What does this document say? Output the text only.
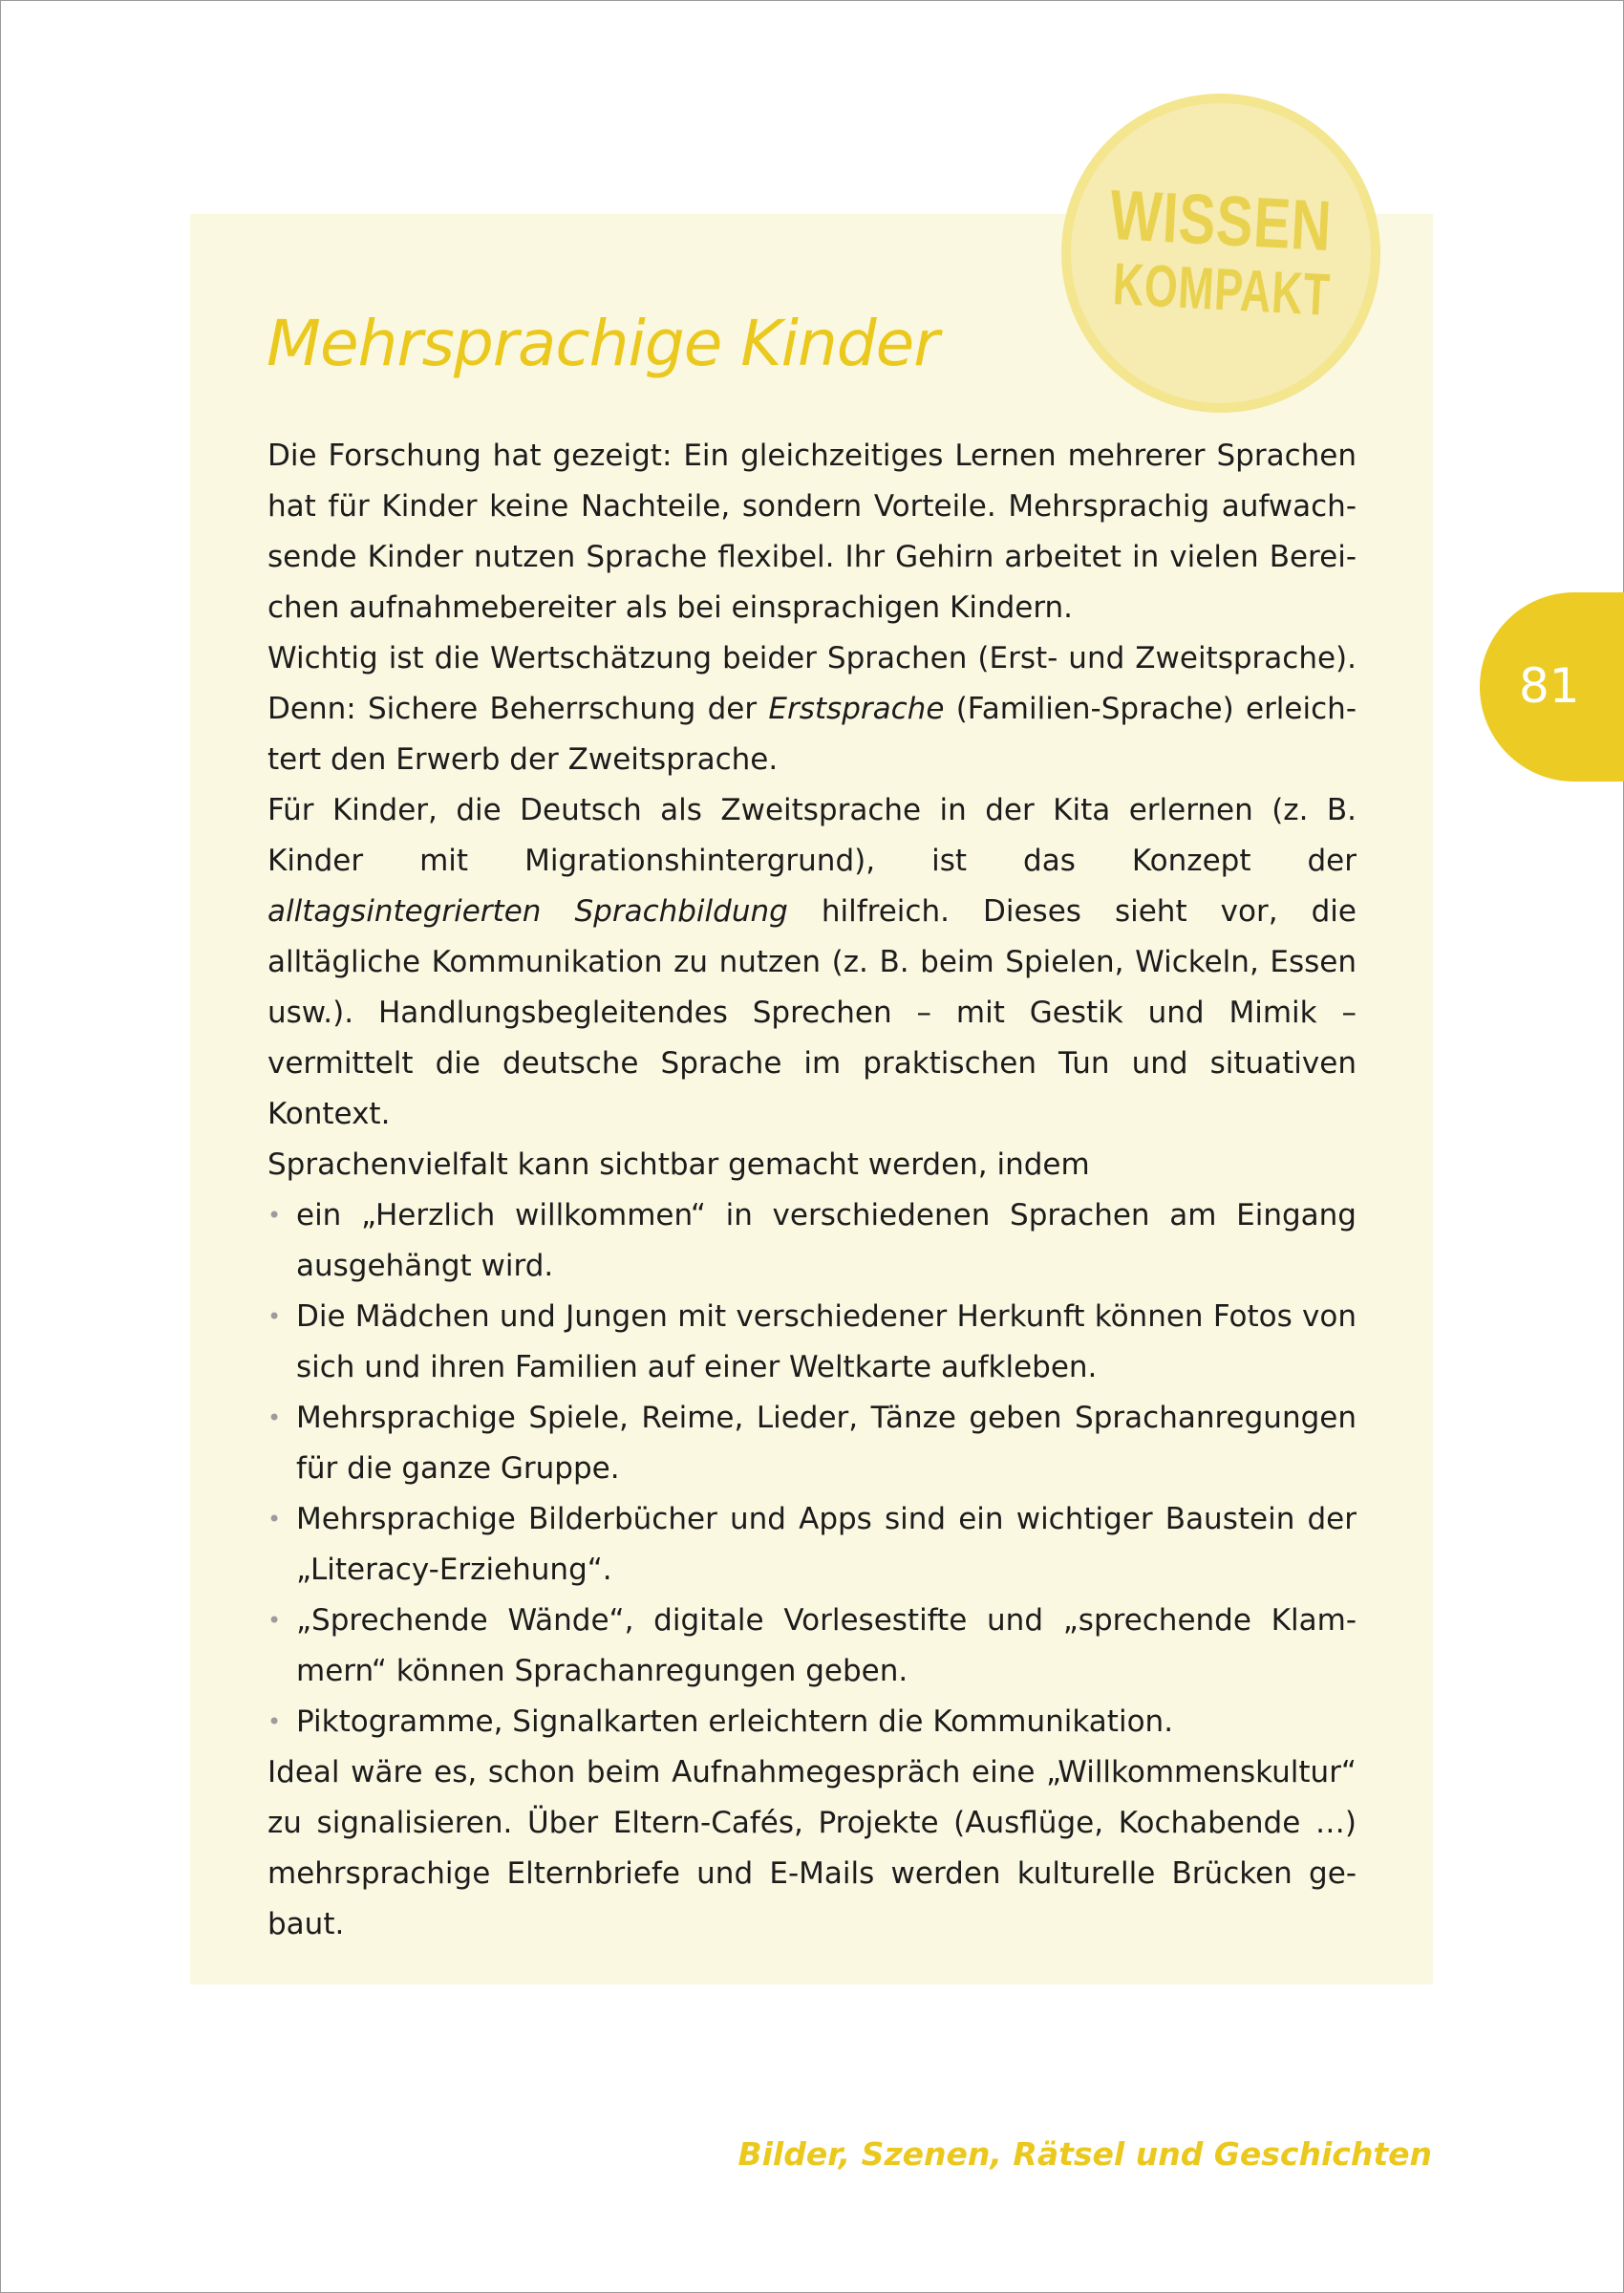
WISSEN
KOMPAKT
Mehrsprachige Kinder

Die Forschung hat gezeigt: Ein gleichzeitiges Lernen mehrerer Sprachen hat für Kinder keine Nachteile, sondern Vorteile. Mehrsprachig aufwachsende Kinder nutzen Sprache flexibel. Ihr Gehirn arbeitet in vielen Bereichen aufnahmebereiter als bei einsprachigen Kindern.

Wichtig ist die Wertschätzung beider Sprachen (Erst- und Zweitsprache). Denn: Sichere Beherrschung der Erstsprache (Familien-Sprache) erleichtert den Erwerb der Zweitsprache.

Für Kinder, die Deutsch als Zweitsprache in der Kita erlernen (z. B. Kinder mit Migrationshintergrund), ist das Konzept der alltagsintegrierten Sprachbildung hilfreich. Dieses sieht vor, die alltägliche Kommunikation zu nutzen (z. B. beim Spielen, Wickeln, Essen usw.). Handlungsbegleitendes Sprechen – mit Gestik und Mimik – vermittelt die deutsche Sprache im praktischen Tun und situativen Kontext.

Sprachenvielfalt kann sichtbar gemacht werden, indem

• ein „Herzlich willkommen“ in verschiedenen Sprachen am Eingang ausgehängt wird.
• Die Mädchen und Jungen mit verschiedener Herkunft können Fotos von sich und ihren Familien auf einer Weltkarte aufkleben.
• Mehrsprachige Spiele, Reime, Lieder, Tänze geben Sprachanregungen für die ganze Gruppe.
• Mehrsprachige Bilderbücher und Apps sind ein wichtiger Baustein der „Literacy-Erziehung“.
• „Sprechende Wände“, digitale Vorlesestifte und „sprechende Klammern“ können Sprachanregungen geben.
• Piktogramme, Signalkarten erleichtern die Kommunikation.

Ideal wäre es, schon beim Aufnahmegespräch eine „Willkommenskultur“ zu signalisieren. Über Eltern-Cafés, Projekte (Ausflüge, Kochabende …) mehrsprachige Elternbriefe und E-Mails werden kulturelle Brücken gebaut.

81
Bilder, Szenen, Rätsel und Geschichten
